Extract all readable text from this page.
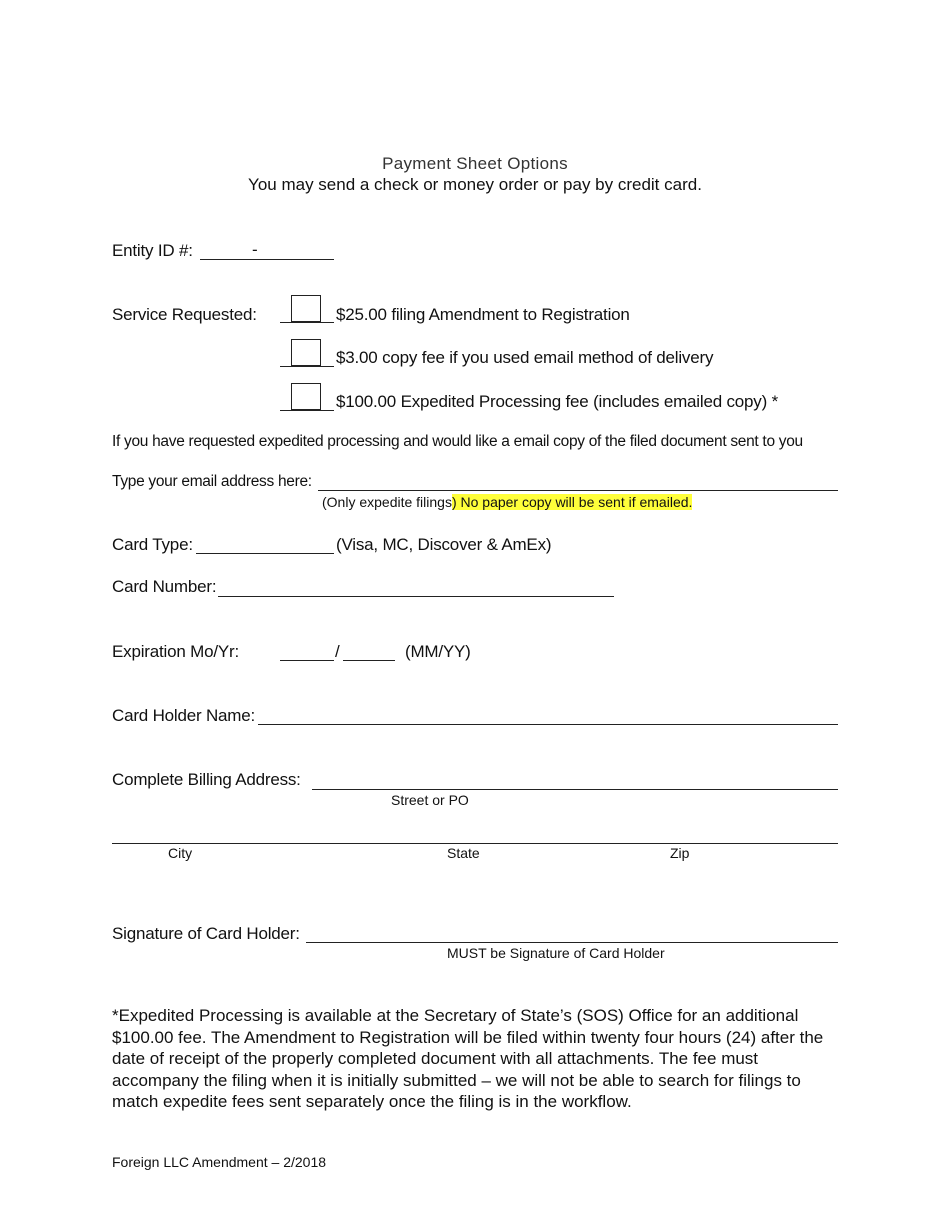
Payment Sheet Options
You may send a check or money order or pay by credit card.
Entity ID #:	-
Service Requested:	$25.00 filing Amendment to Registration
$3.00 copy fee if you used email method of delivery
$100.00 Expedited Processing fee (includes emailed copy) *
If you have requested expedited processing and would like a email copy of the filed document sent to you
Type your email address here:
(Only expedite filings) No paper copy will be sent if emailed.
Card Type:	(Visa, MC, Discover & AmEx)
Card Number:
Expiration Mo/Yr:	/	(MM/YY)
Card Holder Name:
Complete Billing Address:
Street or PO
City	State	Zip
Signature of Card Holder:
MUST be Signature of Card Holder
*Expedited Processing is available at the Secretary of State’s (SOS) Office for an additional $100.00 fee. The Amendment to Registration will be filed within twenty four hours (24) after the date of receipt of the properly completed document with all attachments. The fee must accompany the filing when it is initially submitted – we will not be able to search for filings to match expedite fees sent separately once the filing is in the workflow.
Foreign LLC Amendment – 2/2018
